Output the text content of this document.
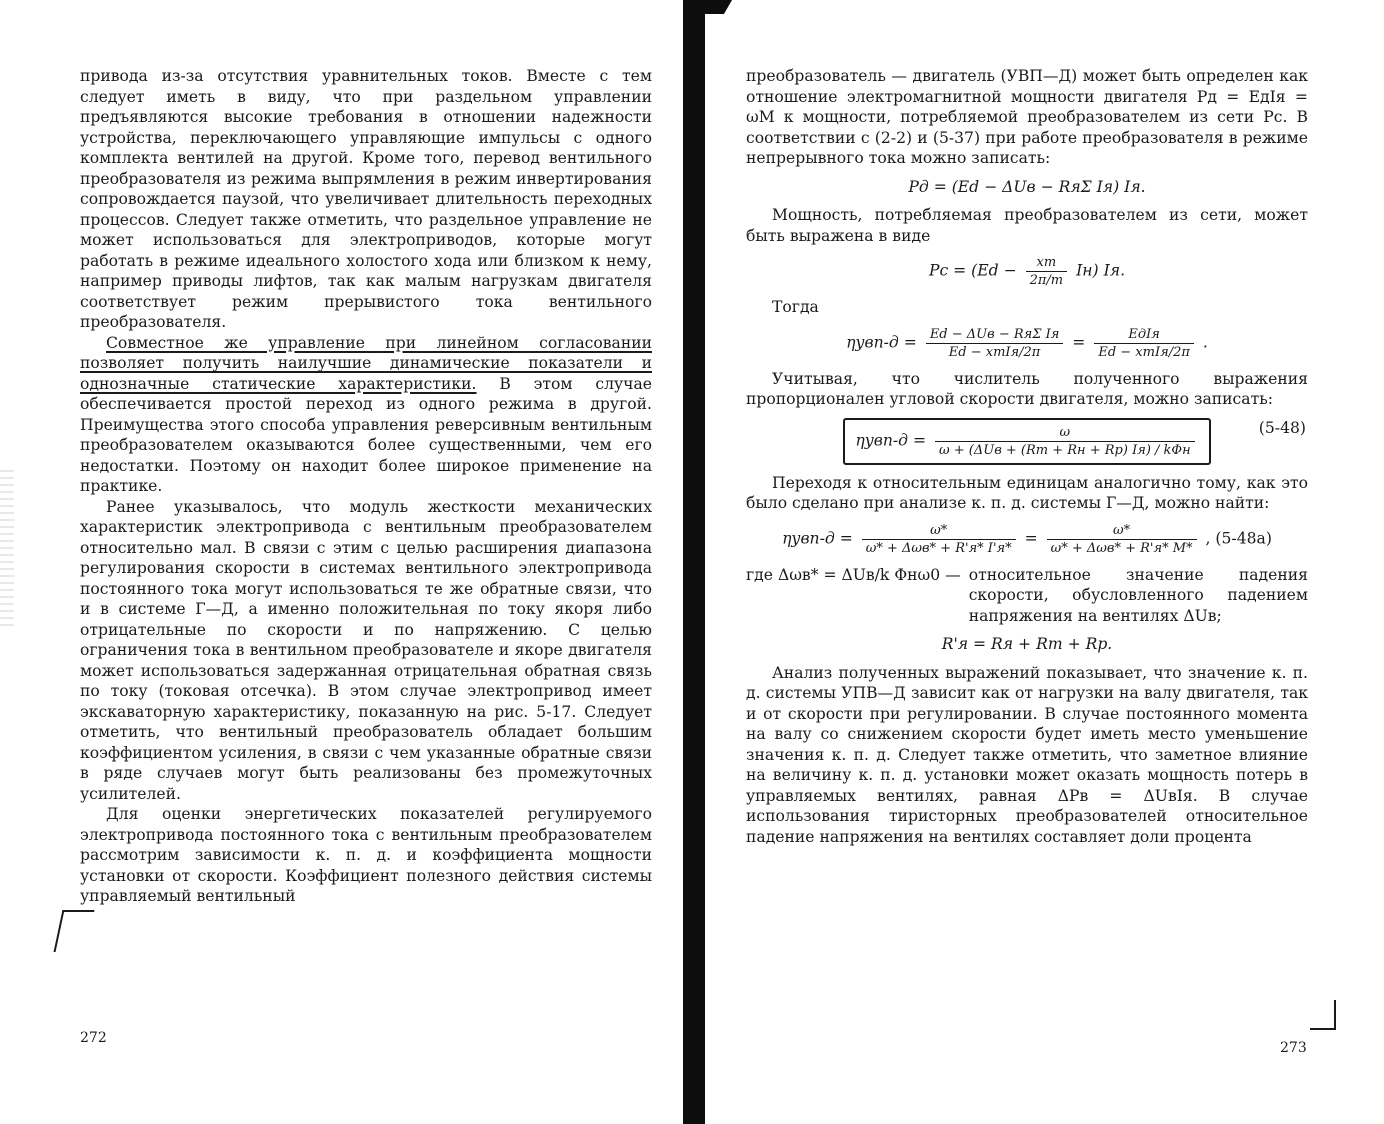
привода из-за отсутствия уравнительных токов. Вместе с тем следует иметь в виду, что при раздельном управлении предъявляются высокие требования в отношении надежности устройства, переключающего управляющие импульсы с одного комплекта вентилей на другой. Кроме того, перевод вентильного преобразователя из режима выпрямления в режим инвертирования сопровождается паузой, что увеличивает длительность переходных процессов. Следует также отметить, что раздельное управление не может использоваться для электроприводов, которые могут работать в режиме идеального холостого хода или близком к нему, например приводы лифтов, так как малым нагрузкам двигателя соответствует режим прерывистого тока вентильного преобразователя.

Совместное же управление при линейном согласовании позволяет получить наилучшие динамические показатели и однозначные статические характеристики. В этом случае обеспечивается простой переход из одного режима в другой. Преимущества этого способа управления реверсивным вентильным преобразователем оказываются более существенными, чем его недостатки. Поэтому он находит более широкое применение на практике.

Ранее указывалось, что модуль жесткости механических характеристик электропривода с вентильным преобразователем относительно мал. В связи с этим с целью расширения диапазона регулирования скорости в системах вентильного электропривода постоянного тока могут использоваться те же обратные связи, что и в системе Г—Д, а именно положительная по току якоря либо отрицательные по скорости и по напряжению. С целью ограничения тока в вентильном преобразователе и якоре двигателя может использоваться задержанная отрицательная обратная связь по току (токовая отсечка). В этом случае электропривод имеет экскаваторную характеристику, показанную на рис. 5-17. Следует отметить, что вентильный преобразователь обладает большим коэффициентом усиления, в связи с чем указанные обратные связи в ряде случаев могут быть реализованы без промежуточных усилителей.

Для оценки энергетических показателей регулируемого электропривода постоянного тока с вентильным преобразователем рассмотрим зависимости к. п. д. и коэффициента мощности установки от скорости. Коэффициент полезного действия системы управляемый вентильный

272

преобразователь — двигатель (УВП—Д) может быть определен как отношение электромагнитной мощности двигателя Pд = EдIя = ωM к мощности, потребляемой преобразователем из сети Pс. В соответствии с (2-2) и (5-37) при работе преобразователя в режиме непрерывного тока можно записать:

Pд = (Ed − ΔUв − RяΣ Iя) Iя.

Мощность, потребляемая преобразователем из сети, может быть выражена в виде

Pс = $(Ed - \frac{xт}{2\pi/m} Iн)$ Iя.

Тогда

$\eta увп-д = \frac{\text{Ed − ΔUв − RяΣ Iя}}{\text{Ed − xтIя/2π}} = \frac{\text{EдIя}}{\text{Ed − xтIя/2π}}$ .

Учитывая, что числитель полученного выражения пропорционален угловой скорости двигателя, можно записать:

$\eta увп-д = \frac{\omega}{\text{ω + (ΔUв + (Rт + Rн + Rр) Iя) / kΦн}}$	(5-48)

Переходя к относительным единицам аналогично тому, как это было сделано при анализе к. п. д. системы Г—Д, можно найти:

$\eta увп-д = \frac{\omega*}{\text{ω* + Δωв* + R'я* I'я*}} = \frac{\omega*}{\text{ω* + Δωв* + R'я* M*}}$ , (5-48а)
где Δωв* = ΔUв/k Φнω0 — относительное значение падения скорости, обусловленного падением напряжения на вентилях ΔUв;
R'я = Rя + Rт + Rр.

Анализ полученных выражений показывает, что значение к. п. д. системы УПВ—Д зависит как от нагрузки на валу двигателя, так и от скорости при регулировании. В случае постоянного момента на валу со снижением скорости будет иметь место уменьшение значения к. п. д. Следует также отметить, что заметное влияние на величину к. п. д. установки может оказать мощность потерь в управляемых вентилях, равная ΔPв = ΔUвIя. В случае использования тиристорных преобразователей относительное падение напряжения на вентилях составляет доли процента

273
